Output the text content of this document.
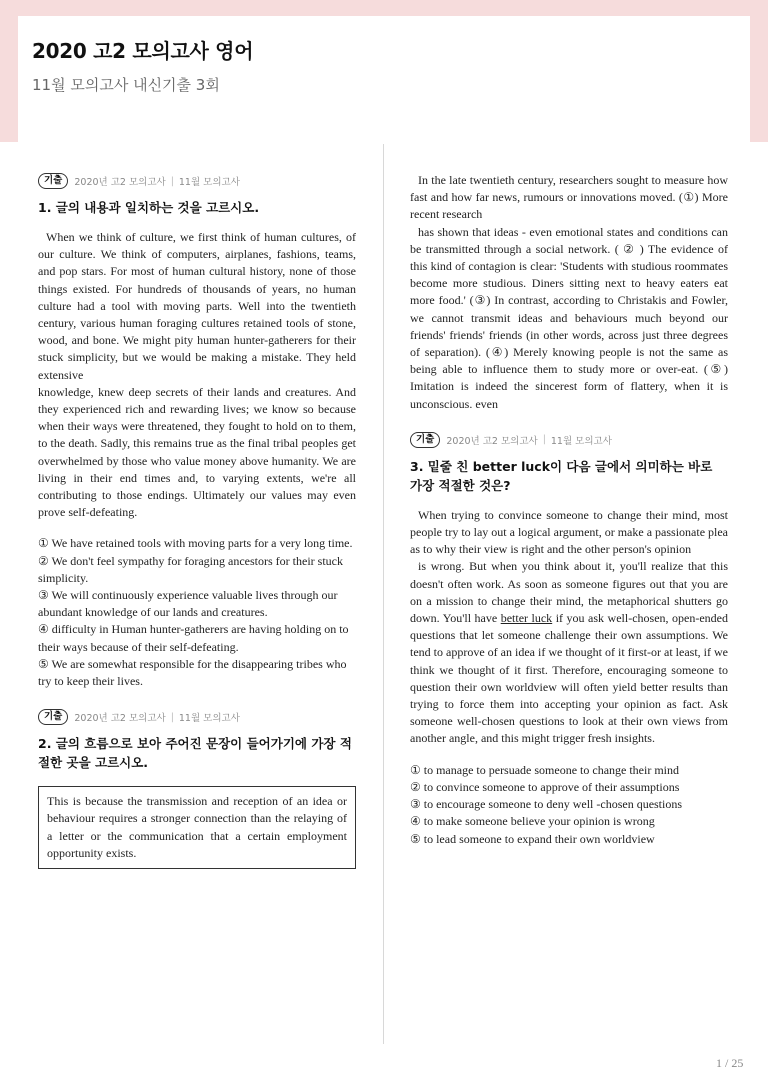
2020 고2 모의고사 영어
11월 모의고사 내신기출 3회
기출	2020년 고2 모의고사 | 11월 모의고사
1. 글의 내용과 일치하는 것을 고르시오.

When we think of culture, we first think of human cultures, of our culture. We think of computers, airplanes, fashions, teams, and pop stars. For most of human cultural history, none of those things existed. For hundreds of thousands of years, no human culture had a tool with moving parts. Well into the twentieth century, various human foraging cultures retained tools of stone, wood, and bone. We might pity human hunter-gatherers for their stuck simplicity, but we would be making a mistake. They held extensive

knowledge, knew deep secrets of their lands and creatures. And they experienced rich and rewarding lives; we know so because when their ways were threatened, they fought to hold on to them, to the death. Sadly, this remains true as the final tribal peoples get overwhelmed by those who value money above humanity. We are living in their end times and, to varying extents, we're all contributing to those endings. Ultimately our values may even prove self-defeating.

① We have retained tools with moving parts for a very long time.
② We don't feel sympathy for foraging ancestors for their stuck simplicity.
③ We will continuously experience valuable lives through our abundant knowledge of our lands and creatures.
④ difficulty in Human hunter-gatherers are having holding on to their ways because of their self-defeating.
⑤ We are somewhat responsible for the disappearing tribes who try to keep their lives.
기출	2020년 고2 모의고사 | 11월 모의고사
2. 글의 흐름으로 보아 주어진 문장이 들어가기에 가장 적절한 곳을 고르시오.
This is because the transmission and reception of an idea or behaviour requires a stronger connection than the relaying of a letter or the communication that a certain employment opportunity exists.

In the late twentieth century, researchers sought to measure how fast and how far news, rumours or innovations moved. (①) More recent research

has shown that ideas - even emotional states and conditions can be transmitted through a social network. ( ② ) The evidence of this kind of contagion is clear: 'Students with studious roommates become more studious. Diners sitting next to heavy eaters eat more food.' (③) In contrast, according to Christakis and Fowler, we cannot transmit ideas and behaviours much beyond our friends' friends' friends (in other words, across just three degrees of separation). (④) Merely knowing people is not the same as being able to influence them to study more or over-eat. (⑤) Imitation is indeed the sincerest form of flattery, when it is unconscious. even

기출	2020년 고2 모의고사 | 11월 모의고사
3. 밑줄 친 better luck이 다음 글에서 의미하는 바로 가장 적절한 것은?

When trying to convince someone to change their mind, most people try to lay out a logical argument, or make a passionate plea as to why their view is right and the other person's opinion

is wrong. But when you think about it, you'll realize that this doesn't often work. As soon as someone figures out that you are on a mission to change their mind, the metaphorical shutters go down. You'll have better luck if you ask well-chosen, open-ended questions that let someone challenge their own assumptions. We tend to approve of an idea if we thought of it first-or at least, if we think we thought of it first. Therefore, encouraging someone to question their own worldview will often yield better results than trying to force them into accepting your opinion as fact. Ask someone well-chosen questions to look at their own views from another angle, and this might trigger fresh insights.

① to manage to persuade someone to change their mind
② to convince someone to approve of their assumptions
③ to encourage someone to deny well -chosen questions
④ to make someone believe your opinion is wrong
⑤ to lead someone to expand their own worldview
1 / 25
